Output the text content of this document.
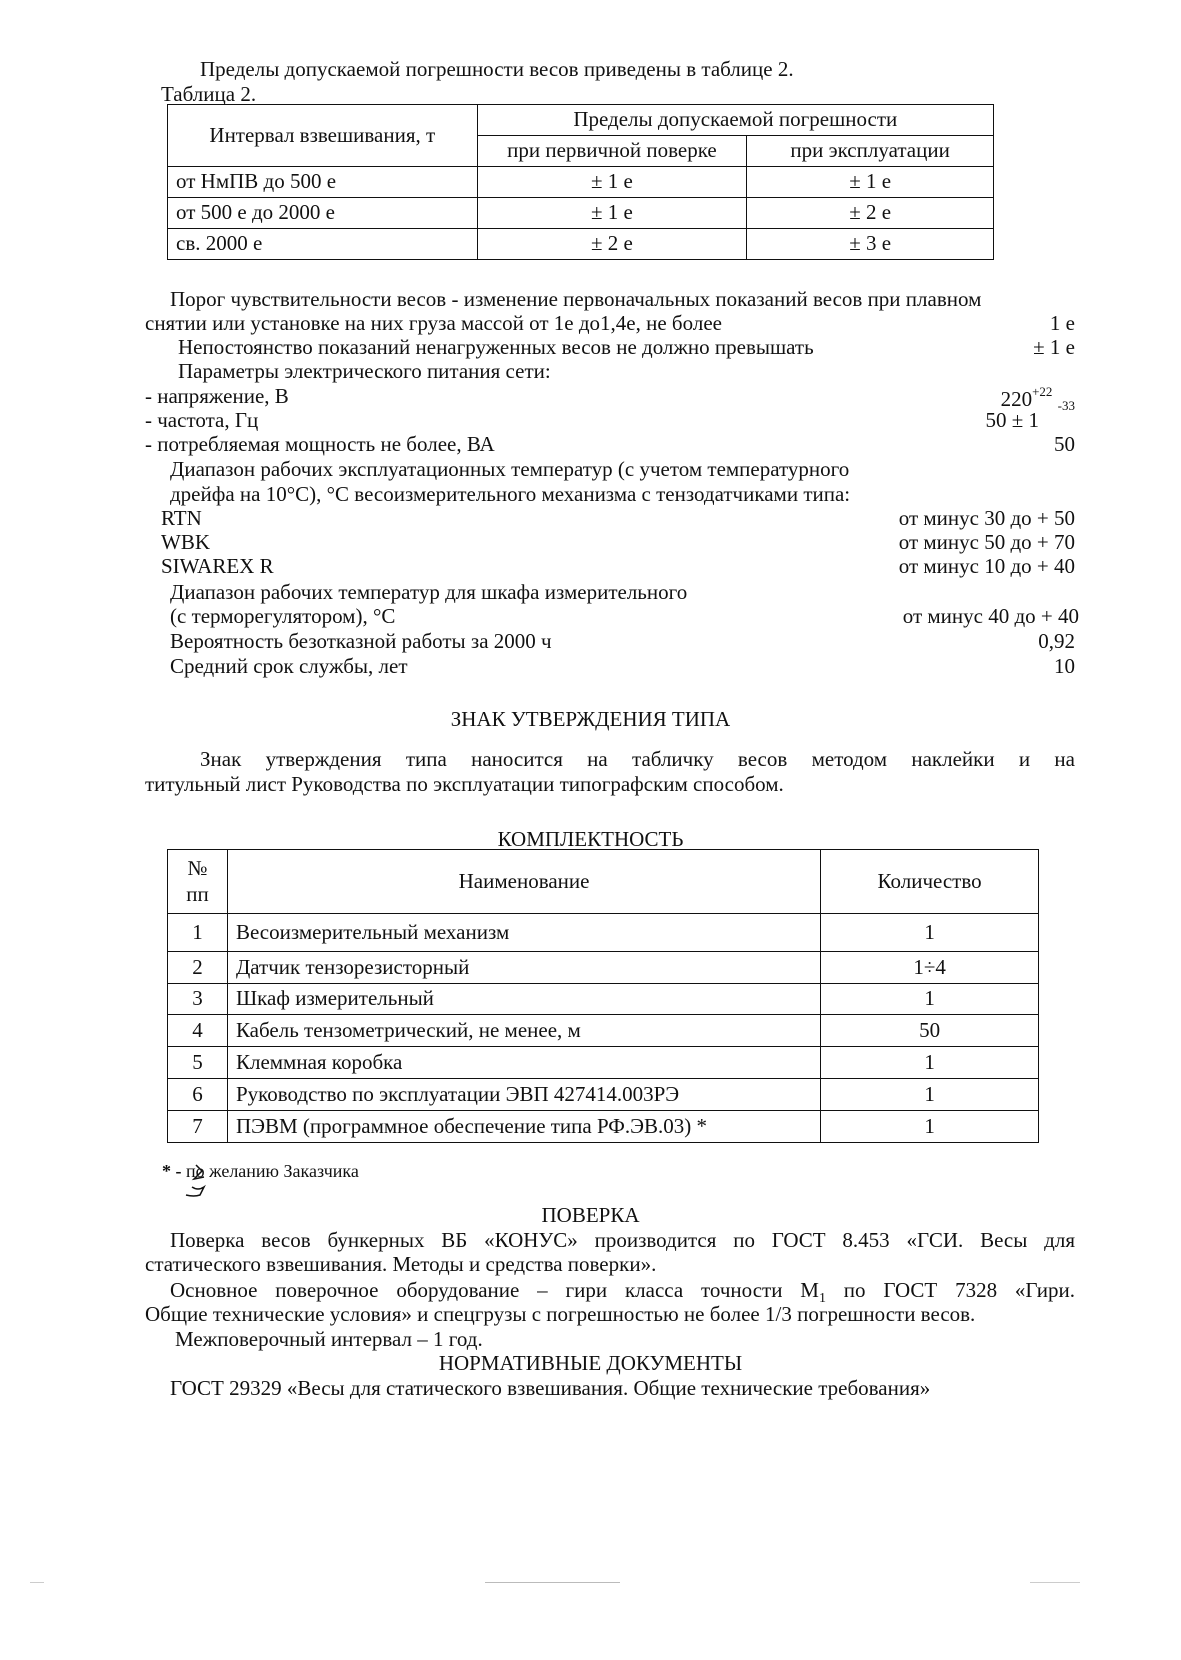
Пределы допускаемой погрешности весов приведены в таблице 2.
Таблица 2.
Интервал взвешивания, т	Пределы допускаемой погрешности	
	при первичной поверке	при эксплуатации
от НмПВ до 500 е	± 1 е	± 1 е
от 500 е до 2000 е	± 1 е	± 2 е
св. 2000 е	± 2 е	± 3 е
Порог чувствительности весов - изменение первоначальных показаний весов при плавном
снятии или установке на них груза массой от 1е до1,4е, не более	1 е
Непостоянство показаний ненагруженных весов не должно превышать	± 1 е
Параметры электрического питания сети:
- напряжение, В	$220^{+22}$ $_{-33}$
- частота, Гц	50 ± 1
- потребляемая мощность не более, ВА	50
Диапазон рабочих эксплуатационных температур (с учетом температурного
дрейфа на 10°С), °С весоизмерительного механизма с тензодатчиками типа:
RTN	от минус 30 до + 50
WBK	от минус 50 до + 70
SIWAREX R	от минус 10 до + 40
Диапазон рабочих температур для шкафа измерительного
(с терморегулятором), °С	от минус 40 до + 40
Вероятность безотказной работы за 2000 ч	0,92
Средний срок службы, лет	10
ЗНАК УТВЕРЖДЕНИЯ ТИПА
Знак утверждения типа наносится на табличку весов методом наклейки и на
титульный лист Руководства по эксплуатации типографским способом.
КОМПЛЕКТНОСТЬ
№ пп	Наименование	Количество
1	Весоизмерительный механизм	1
2	Датчик тензорезисторный	1÷4
3	Шкаф измерительный	1
4	Кабель тензометрический, не менее, м	50
5	Клеммная коробка	1
6	Руководство по эксплуатации ЭВП 427414.003РЭ	1
7	ПЭВМ (программное обеспечение типа РФ.ЭВ.03) *	1
* - по желанию Заказчика
ПОВЕРКА
Поверка весов бункерных ВБ «КОНУС» производится по ГОСТ 8.453 «ГСИ. Весы для
статического взвешивания. Методы и средства поверки».
Основное поверочное оборудование – гири класса точности $М_1$ по ГОСТ 7328 «Гири.
Общие технические условия» и спецгрузы с погрешностью не более 1/3 погрешности весов.
Межповерочный интервал – 1 год.
НОРМАТИВНЫЕ ДОКУМЕНТЫ
ГОСТ 29329 «Весы для статического взвешивания. Общие технические требования»
